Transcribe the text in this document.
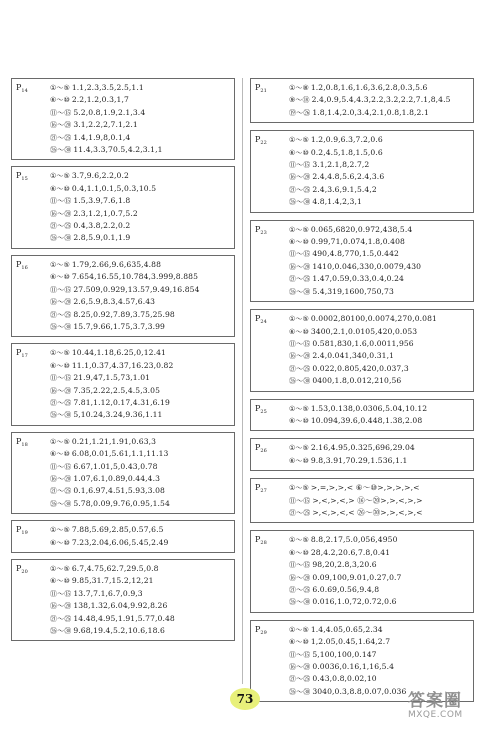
$P_{14}$	①～⑤ 1.1,2.3,3.5,2.5,1.1
⑥～⑩ 2.2,1.2,0.3,1,7
⑪～⑮ 5.2,0.8,1.9,2.1,3.4
⑯～⑳ 3.1,2.2,2,7.1,2.1
㉑～㉕ 1.4,1.9,8,0.1,4
㉖～㉚ 11.4,3.3,70.5,4.2,3.1,1
$P_{15}$	①～⑤ 3.7,9.6,2.2,0.2
⑥～⑩ 0.4,1.1,0.1,5,0.3,10.5
⑪～⑮ 1.5,3.9,7.6,1.8
⑯～⑳ 2.3,1.2,1,0.7,5.2
㉑～㉕ 0.4,3.8,2.2,0.2
㉖～㉚ 2.8,5.9,0.1,1.9
$P_{16}$	①～⑤ 1.79,2.66,9.6,635,4.88
⑥～⑩ 7.654,16.55,10.784,3.999,8.885
⑪～⑮ 27.509,0.929,13.57,9.49,16.854
⑯～⑳ 2.6,5.9,8.3,4.57,6.43
㉑～㉕ 8.25,0.92,7.89,3.75,25.98
㉖～㉚ 15.7,9.66,1.75,3.7,3.99
$P_{17}$	①～⑤ 10.44,1.18,6.25,0,12.41
⑥～⑩ 11.1,0.37,4.37,16.23,0.82
⑪～⑮ 21.9,47,1.5,73,1.01
⑯～⑳ 7.35,2.22,2.5,4.5,3.05
㉑～㉕ 7.81,1.12,0.17,4.31,6.19
㉖～㉚ 5,10.24,3.24,9.36,1.11
$P_{18}$	①～⑤ 0.21,1.21,1.91,0.63,3
⑥～⑩ 6.08,0.01,5.61,1.1,11.13
⑪～⑮ 6.67,1.01,5,0.43,0.78
⑯～⑳ 1.07,6.1,0.89,0.44,4.3
㉑～㉕ 0.1,6.97,4.51,5.93,3.08
㉖～㉚ 5.78,0.09,9.76,0.95,1.54
$P_{19}$	①～⑤ 7.88,5.69,2.85,0.57,6.5
⑥～⑩ 7.23,2.04,6.06,5.45,2.49
$P_{20}$	①～⑤ 6.7,4.75,62.7,29.5,0.8
⑥～⑩ 9.85,31.7,15.2,12,21
⑪～⑮ 13.7,7.1,6.7,0.9,3
⑯～⑳ 138,1.32,6.04,9.92,8.26
㉑～㉕ 14.48,4.95,1.91,5.77,0.48
㉖～㉚ 9.68,19.4,5.2,10.6,18.6
$P_{21}$	①～⑧ 1.2,0.8,1.6,1.6,3.6,2.8,0.3,5.6
⑨～⑱ 2.4,0.9,5.4,4.3,2.2,3.2,2.2,7.1,8,4.5
⑲～㉖ 1.8,1.4,2.0,3.4,2.1,0.8,1.8,2.1
$P_{22}$	①～⑤ 1.2,0.9,6.3,7.2,0.6
⑥～⑩ 0.2,4.5,1.8,1.5,0.6
⑪～⑮ 3.1,2.1,8,2.7,2
⑯～⑳ 2.4,4.8,5.6,2.4,3.6
㉑～㉕ 2.4,3.6,9.1,5.4,2
㉖～㉚ 4.8,1.4,2,3,1
$P_{23}$	①～⑤ 0.065,6820,0.972,438,5.4
⑥～⑩ 0.99,71,0.074,1.8,0.408
⑪～⑮ 490,4.8,770,1.5,0.442
⑯～⑳ 1410,0.046,330,0.0079,430
㉑～㉕ 1.47,0.59,0.33,0.4,0.24
㉖～㉚ 5.4,319,1600,750,73
$P_{24}$	①～⑤ 0.0002,80100,0.0074,270,0.081
⑥～⑩ 3400,2.1,0.0105,420,0.053
⑪～⑮ 0.581,830,1.6,0.0011,956
⑯～⑳ 2.4,0.041,340,0.31,1
㉑～㉕ 0.022,0.805,420,0.037,3
㉖～㉚ 0400,1.8,0.012,210,56
$P_{25}$	①～⑤ 1.53,0.138,0.0306,5.04,10.12
⑥～⑩ 10.094,39.6,0.448,1.38,2.08
$P_{26}$	①～⑤ 2.16,4.95,0.325,696,29.04
⑥～⑩ 9.8,3.91,70.29,1.536,1.1
$P_{27}$	①～⑤ >,=,>,>,< ⑥～⑩>,>,>,>,<
⑪～⑮ >,<,>,<,> ⑯～⑳>,>,<,>,>
㉑～㉕ >,<,>,<,< ㉖～㉚>,>,<,>,<
$P_{28}$	①～⑤ 8.8,2.17,5.0,056,4950
⑥～⑩ 28,4.2,20.6,7.8,0.41
⑪～⑮ 98,20,2.8,3,20.6
⑯～⑳ 0.09,100,9.01,0.27,0.7
㉑～㉕ 6.0.69,0.56,9.4,8
㉖～㉚ 0.016,1.0,72,0.72,0.6
$P_{29}$	①～⑤ 1.4,4.05,0.65,2.34
⑥～⑩ 1,2.05,0.45,1.64,2.7
⑪～⑮ 5,100,100,0.147
⑯～⑳ 0.0036,0.16,1,16,5.4
㉑～㉕ 0.43,0.8,0.02,10
㉖～㉚ 3040,0.3,8.8,0.07,0.036
73	答案圈
MXQE.COM
